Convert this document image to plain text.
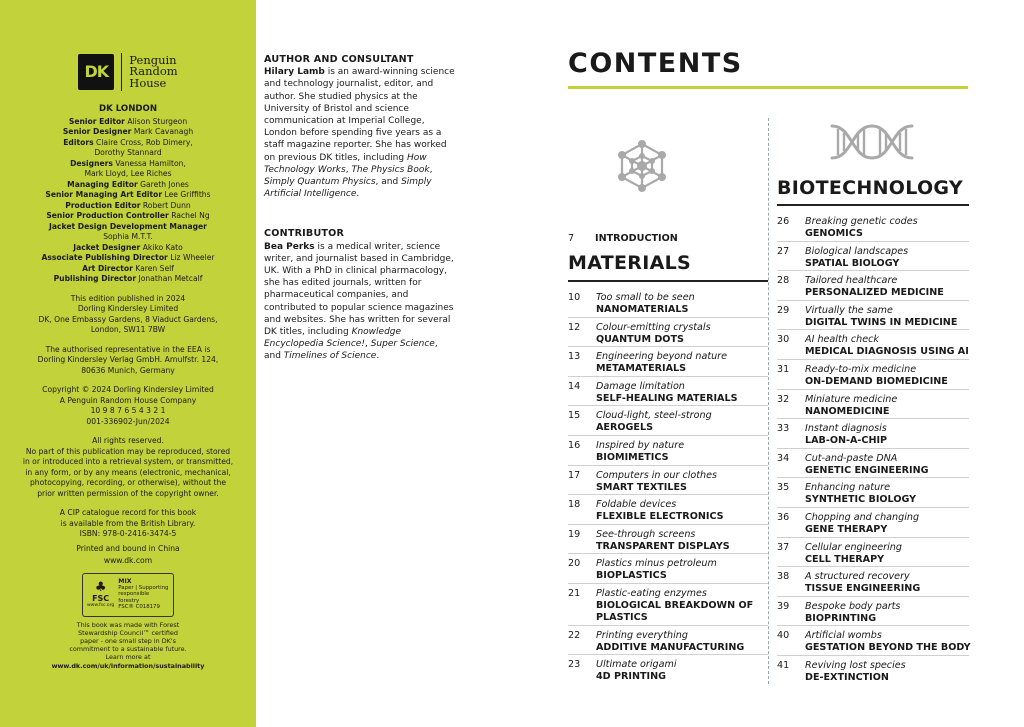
DK
Penguin
Random
House
DK LONDON
Senior Editor Alison Sturgeon
Senior Designer Mark Cavanagh
Editors Claire Cross, Rob Dimery,
Dorothy Stannard
Designers Vanessa Hamilton,
Mark Lloyd, Lee Riches
Managing Editor Gareth Jones
Senior Managing Art Editor Lee Griffiths
Production Editor Robert Dunn
Senior Production Controller Rachel Ng
Jacket Design Development Manager
Sophia M.T.T.
Jacket Designer Akiko Kato
Associate Publishing Director Liz Wheeler
Art Director Karen Self
Publishing Director Jonathan Metcalf
This edition published in 2024
Dorling Kindersley Limited
DK, One Embassy Gardens, 8 Viaduct Gardens,
London, SW11 7BW
The authorised representative in the EEA is
Dorling Kindersley Verlag GmbH. Arnulfstr. 124,
80636 Munich, Germany
Copyright © 2024 Dorling Kindersley Limited
A Penguin Random House Company
10 9 8 7 6 5 4 3 2 1
001-336902-Jun/2024
All rights reserved.
No part of this publication may be reproduced, stored
in or introduced into a retrieval system, or transmitted,
in any form, or by any means (electronic, mechanical,
photocopying, recording, or otherwise), without the
prior written permission of the copyright owner.
A CIP catalogue record for this book
is available from the British Library.
ISBN: 978-0-2416-3474-5
Printed and bound in China
www.dk.com
♣
FSC
www.fsc.org
MIX
Paper | Supporting
responsible forestry
FSC® C018179
This book was made with Forest
Stewardship Council™ certified
paper - one small step in DK's
commitment to a sustainable future.
Learn more at
www.dk.com/uk/information/sustainability
AUTHOR AND CONSULTANT
Hilary Lamb is an award-winning science and technology journalist, editor, and author. She studied physics at the University of Bristol and science communication at Imperial College, London before spending five years as a staff magazine reporter. She has worked on previous DK titles, including How Technology Works, The Physics Book, Simply Quantum Physics, and Simply Artificial Intelligence.
CONTRIBUTOR
Bea Perks is a medical writer, science writer, and journalist based in Cambridge, UK. With a PhD in clinical pharmacology, she has edited journals, written for pharmaceutical companies, and contributed to popular science magazines and websites. She has written for several DK titles, including Knowledge Encyclopedia Science!, Super Science, and Timelines of Science.
CONTENTS
7 INTRODUCTION
MATERIALS
10 Too small to be seen
NANOMATERIALS
12 Colour-emitting crystals
QUANTUM DOTS
13 Engineering beyond nature
METAMATERIALS
14 Damage limitation
SELF-HEALING MATERIALS
15 Cloud-light, steel-strong
AEROGELS
16 Inspired by nature
BIOMIMETICS
17 Computers in our clothes
SMART TEXTILES
18 Foldable devices
FLEXIBLE ELECTRONICS
19 See-through screens
TRANSPARENT DISPLAYS
20 Plastics minus petroleum
BIOPLASTICS
21 Plastic-eating enzymes
BIOLOGICAL BREAKDOWN OF PLASTICS
22 Printing everything
ADDITIVE MANUFACTURING
23 Ultimate origami
4D PRINTING
BIOTECHNOLOGY
26 Breaking genetic codes
GENOMICS
27 Biological landscapes
SPATIAL BIOLOGY
28 Tailored healthcare
PERSONALIZED MEDICINE
29 Virtually the same
DIGITAL TWINS IN MEDICINE
30 AI health check
MEDICAL DIAGNOSIS USING AI
31 Ready-to-mix medicine
ON-DEMAND BIOMEDICINE
32 Miniature medicine
NANOMEDICINE
33 Instant diagnosis
LAB-ON-A-CHIP
34 Cut-and-paste DNA
GENETIC ENGINEERING
35 Enhancing nature
SYNTHETIC BIOLOGY
36 Chopping and changing
GENE THERAPY
37 Cellular engineering
CELL THERAPY
38 A structured recovery
TISSUE ENGINEERING
39 Bespoke body parts
BIOPRINTING
40 Artificial wombs
GESTATION BEYOND THE BODY
41 Reviving lost species
DE-EXTINCTION
